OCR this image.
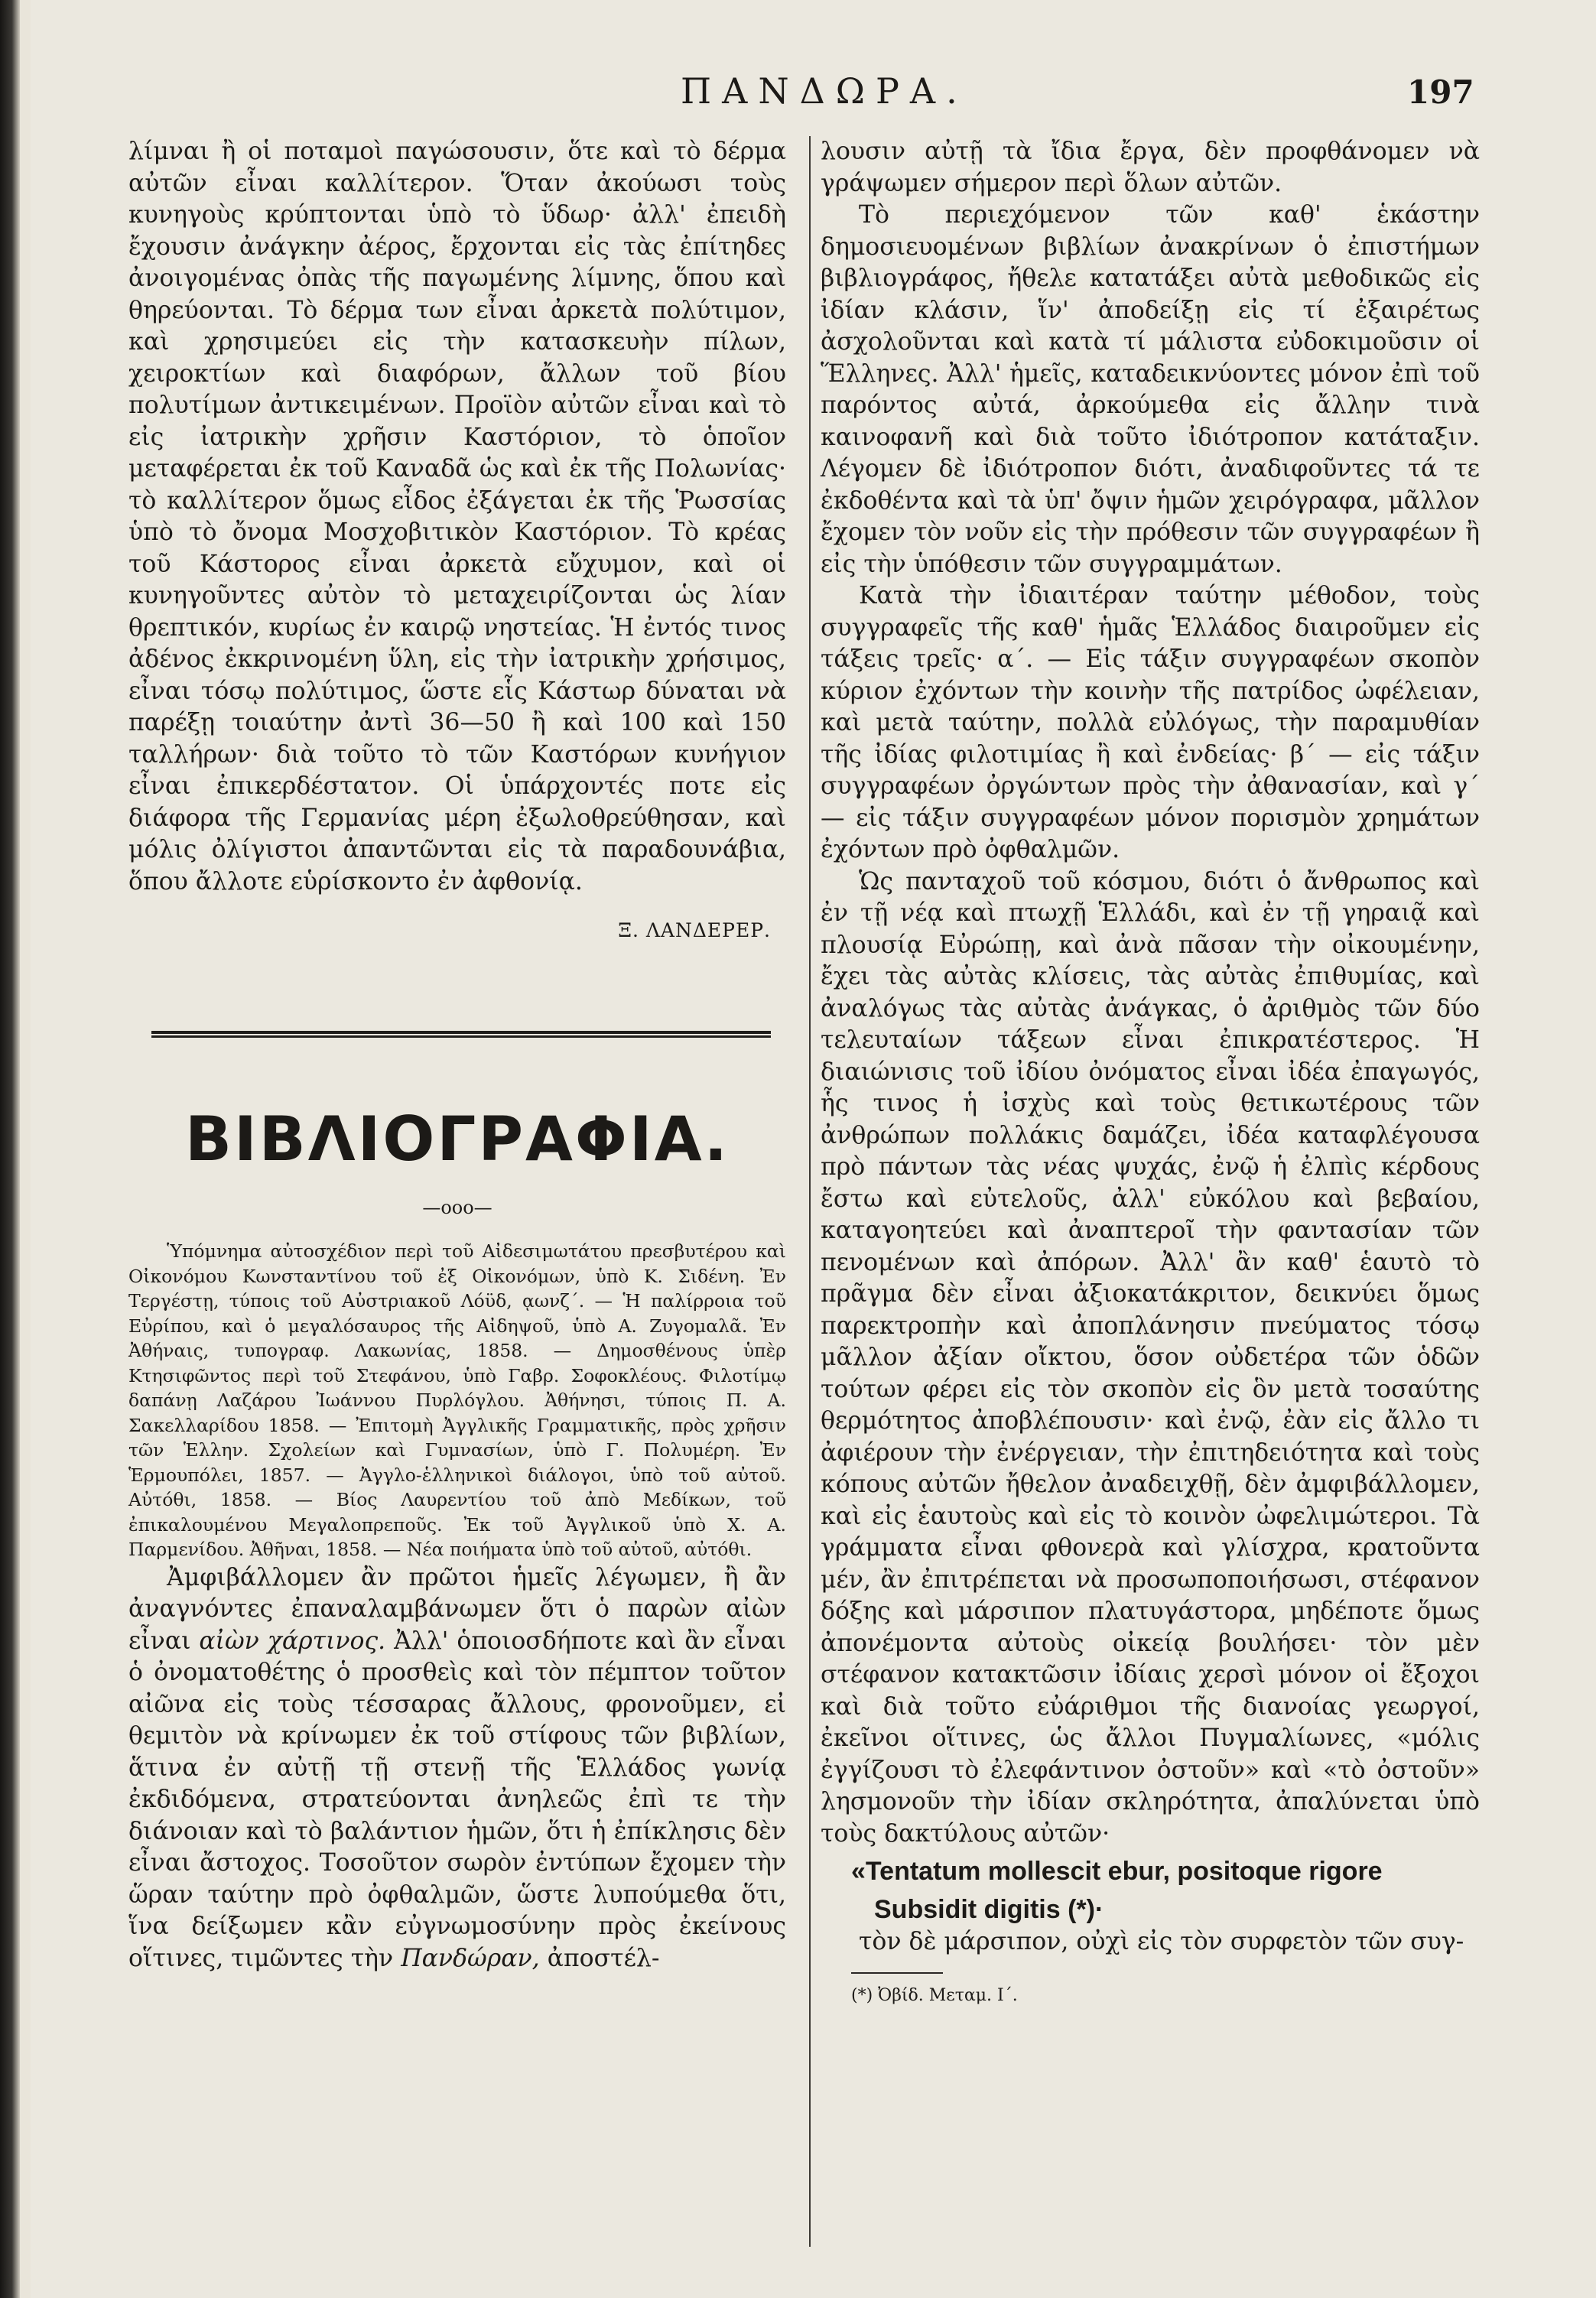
ΠΑΝΔΩΡΑ.	197

λίμναι ἢ οἱ ποταμοὶ παγώσουσιν, ὅτε καὶ τὸ δέρμα αὐτῶν εἶναι καλλίτερον. Ὅταν ἀκούωσι τοὺς κυνηγοὺς κρύπτονται ὑπὸ τὸ ὕδωρ· ἀλλ' ἐπειδὴ ἔχουσιν ἀνάγκην ἀέρος, ἔρχονται εἰς τὰς ἐπίτηδες ἀνοιγομένας ὀπὰς τῆς παγωμένης λίμνης, ὅπου καὶ θηρεύονται. Τὸ δέρμα των εἶναι ἀρκετὰ πολύτιμον, καὶ χρησιμεύει εἰς τὴν κατασκευὴν πίλων, χειροκτίων καὶ διαφόρων, ἄλλων τοῦ βίου πολυτίμων ἀντικειμένων. Προϊὸν αὐτῶν εἶναι καὶ τὸ εἰς ἰατρικὴν χρῆσιν Καστόριον, τὸ ὁποῖον μεταφέρεται ἐκ τοῦ Καναδᾶ ὡς καὶ ἐκ τῆς Πολωνίας· τὸ καλλίτερον ὅμως εἶδος ἐξάγεται ἐκ τῆς Ῥωσσίας ὑπὸ τὸ ὄνομα Μοσχοβιτικὸν Καστόριον. Τὸ κρέας τοῦ Κάστορος εἶναι ἀρκετὰ εὔχυμον, καὶ οἱ κυνηγοῦντες αὐτὸν τὸ μεταχειρίζονται ὡς λίαν θρεπτικόν, κυρίως ἐν καιρῷ νηστείας. Ἡ ἐντός τινος ἀδένος ἐκκρινομένη ὕλη, εἰς τὴν ἰατρικὴν χρήσιμος, εἶναι τόσῳ πολύτιμος, ὥστε εἷς Κάστωρ δύναται νὰ παρέξῃ τοιαύτην ἀντὶ 36—50 ἢ καὶ 100 καὶ 150 ταλλήρων· διὰ τοῦτο τὸ τῶν Καστόρων κυνήγιον εἶναι ἐπικερδέστατον. Οἱ ὑπάρχοντές ποτε εἰς διάφορα τῆς Γερμανίας μέρη ἐξωλοθρεύθησαν, καὶ μόλις ὀλίγιστοι ἀπαντῶνται εἰς τὰ παραδουνάβια, ὅπου ἄλλοτε εὑρίσκοντο ἐν ἀφθονίᾳ.

Ξ. ΛΑΝΔΕΡΕΡ.
ΒΙΒΛΙΟΓΡΑΦΙΑ.
—οοο—

Ὑπόμνημα αὐτοσχέδιον περὶ τοῦ Αἰδεσιμωτάτου πρεσβυτέρου καὶ Οἰκονόμου Κωνσταντίνου τοῦ ἐξ Οἰκονόμων, ὑπὸ Κ. Σιδένη. Ἐν Τεργέστῃ, τύποις τοῦ Αὐστριακοῦ Λόϋδ, ᾳωνζ΄. — Ἡ παλίρροια τοῦ Εὐρίπου, καὶ ὁ μεγαλόσαυρος τῆς Αἰδηψοῦ, ὑπὸ Α. Ζυγομαλᾶ. Ἐν Ἀθήναις, τυπογραφ. Λακωνίας, 1858. — Δημοσθένους ὑπὲρ Κτησιφῶντος περὶ τοῦ Στεφάνου, ὑπὸ Γαβρ. Σοφοκλέους. Φιλοτίμῳ δαπάνῃ Λαζάρου Ἰωάννου Πυρλόγλου. Ἀθήνησι, τύποις Π. Α. Σακελλαρίδου 1858. — Ἐπιτομὴ Ἀγγλικῆς Γραμματικῆς, πρὸς χρῆσιν τῶν Ἑλλην. Σχολείων καὶ Γυμνασίων, ὑπὸ Γ. Πολυμέρη. Ἐν Ἑρμουπόλει, 1857. — Ἀγγλο-ἑλληνικοὶ διάλογοι, ὑπὸ τοῦ αὐτοῦ. Αὐτόθι, 1858. — Βίος Λαυρεντίου τοῦ ἀπὸ Μεδίκων, τοῦ ἐπικαλουμένου Μεγαλοπρεποῦς. Ἐκ τοῦ Ἀγγλικοῦ ὑπὸ Χ. Α. Παρμενίδου. Ἀθῆναι, 1858. — Νέα ποιήματα ὑπὸ τοῦ αὐτοῦ, αὐτόθι.

Ἀμφιβάλλομεν ἂν πρῶτοι ἡμεῖς λέγωμεν, ἢ ἂν ἀναγνόντες ἐπαναλαμβάνωμεν ὅτι ὁ παρὼν αἰὼν εἶναι αἰὼν χάρτινος. Ἀλλ' ὁποιοσδήποτε καὶ ἂν εἶναι ὁ ὀνοματοθέτης ὁ προσθεὶς καὶ τὸν πέμπτον τοῦτον αἰῶνα εἰς τοὺς τέσσαρας ἄλλους, φρονοῦμεν, εἰ θεμιτὸν νὰ κρίνωμεν ἐκ τοῦ στίφους τῶν βιβλίων, ἅτινα ἐν αὐτῇ τῇ στενῇ τῆς Ἑλλάδος γωνίᾳ ἐκδιδόμενα, στρατεύονται ἀνηλεῶς ἐπὶ τε τὴν διάνοιαν καὶ τὸ βαλάντιον ἡμῶν, ὅτι ἡ ἐπίκλησις δὲν εἶναι ἄστοχος. Τοσοῦτον σωρὸν ἐντύπων ἔχομεν τὴν ὥραν ταύτην πρὸ ὀφθαλμῶν, ὥστε λυπούμεθα ὅτι, ἵνα δείξωμεν κἂν εὐγνωμοσύνην πρὸς ἐκείνους οἵτινες, τιμῶντες τὴν Πανδώραν, ἀποστέλ-

λουσιν αὐτῇ τὰ ἴδια ἔργα, δὲν προφθάνομεν νὰ γράψωμεν σήμερον περὶ ὅλων αὐτῶν.

Τὸ περιεχόμενον τῶν καθ' ἑκάστην δημοσιευομένων βιβλίων ἀνακρίνων ὁ ἐπιστήμων βιβλιογράφος, ἤθελε κατατάξει αὐτὰ μεθοδικῶς εἰς ἰδίαν κλάσιν, ἵν' ἀποδείξῃ εἰς τί ἐξαιρέτως ἀσχολοῦνται καὶ κατὰ τί μάλιστα εὐδοκιμοῦσιν οἱ Ἕλληνες. Ἀλλ' ἡμεῖς, καταδεικνύοντες μόνον ἐπὶ τοῦ παρόντος αὐτά, ἀρκούμεθα εἰς ἄλλην τινὰ καινοφανῆ καὶ διὰ τοῦτο ἰδιότροπον κατάταξιν. Λέγομεν δὲ ἰδιότροπον διότι, ἀναδιφοῦντες τά τε ἐκδοθέντα καὶ τὰ ὑπ' ὄψιν ἡμῶν χειρόγραφα, μᾶλλον ἔχομεν τὸν νοῦν εἰς τὴν πρόθεσιν τῶν συγγραφέων ἢ εἰς τὴν ὑπόθεσιν τῶν συγγραμμάτων.

Κατὰ τὴν ἰδιαιτέραν ταύτην μέθοδον, τοὺς συγγραφεῖς τῆς καθ' ἡμᾶς Ἑλλάδος διαιροῦμεν εἰς τάξεις τρεῖς· α΄. — Εἰς τάξιν συγγραφέων σκοπὸν κύριον ἐχόντων τὴν κοινὴν τῆς πατρίδος ὠφέλειαν, καὶ μετὰ ταύτην, πολλὰ εὐλόγως, τὴν παραμυθίαν τῆς ἰδίας φιλοτιμίας ἢ καὶ ἐνδείας· β΄ — εἰς τάξιν συγγραφέων ὀργώντων πρὸς τὴν ἀθανασίαν, καὶ γ΄ — εἰς τάξιν συγγραφέων μόνον πορισμὸν χρημάτων ἐχόντων πρὸ ὀφθαλμῶν.

Ὡς πανταχοῦ τοῦ κόσμου, διότι ὁ ἄνθρωπος καὶ ἐν τῇ νέᾳ καὶ πτωχῇ Ἑλλάδι, καὶ ἐν τῇ γηραιᾷ καὶ πλουσίᾳ Εὐρώπῃ, καὶ ἀνὰ πᾶσαν τὴν οἰκουμένην, ἔχει τὰς αὐτὰς κλίσεις, τὰς αὐτὰς ἐπιθυμίας, καὶ ἀναλόγως τὰς αὐτὰς ἀνάγκας, ὁ ἀριθμὸς τῶν δύο τελευταίων τάξεων εἶναι ἐπικρατέστερος. Ἡ διαιώνισις τοῦ ἰδίου ὀνόματος εἶναι ἰδέα ἐπαγωγός, ἧς τινος ἡ ἰσχὺς καὶ τοὺς θετικωτέρους τῶν ἀνθρώπων πολλάκις δαμάζει, ἰδέα καταφλέγουσα πρὸ πάντων τὰς νέας ψυχάς, ἐνῷ ἡ ἐλπὶς κέρδους ἔστω καὶ εὐτελοῦς, ἀλλ' εὐκόλου καὶ βεβαίου, καταγοητεύει καὶ ἀναπτεροῖ τὴν φαντασίαν τῶν πενομένων καὶ ἀπόρων. Ἀλλ' ἂν καθ' ἑαυτὸ τὸ πρᾶγμα δὲν εἶναι ἀξιοκατάκριτον, δεικνύει ὅμως παρεκτροπὴν καὶ ἀποπλάνησιν πνεύματος τόσῳ μᾶλλον ἀξίαν οἴκτου, ὅσον οὐδετέρα τῶν ὁδῶν τούτων φέρει εἰς τὸν σκοπὸν εἰς ὃν μετὰ τοσαύτης θερμότητος ἀποβλέπουσιν· καὶ ἐνῷ, ἐὰν εἰς ἄλλο τι ἀφιέρουν τὴν ἐνέργειαν, τὴν ἐπιτηδειότητα καὶ τοὺς κόπους αὐτῶν ἤθελον ἀναδειχθῇ, δὲν ἀμφιβάλλομεν, καὶ εἰς ἑαυτοὺς καὶ εἰς τὸ κοινὸν ὠφελιμώτεροι. Τὰ γράμματα εἶναι φθονερὰ καὶ γλίσχρα, κρατοῦντα μέν, ἂν ἐπιτρέπεται νὰ προσωποποιήσωσι, στέφανον δόξης καὶ μάρσιπον πλατυγάστορα, μηδέποτε ὅμως ἀπονέμοντα αὐτοὺς οἰκείᾳ βουλήσει· τὸν μὲν στέφανον κατακτῶσιν ἰδίαις χερσὶ μόνον οἱ ἔξοχοι καὶ διὰ τοῦτο εὐάριθμοι τῆς διανοίας γεωργοί, ἐκεῖνοι οἵτινες, ὡς ἄλλοι Πυγμαλίωνες, «μόλις ἐγγίζουσι τὸ ἐλεφάντινον ὀστοῦν» καὶ «τὸ ὀστοῦν» λησμονοῦν τὴν ἰδίαν σκληρότητα, ἀπαλύνεται ὑπὸ τοὺς δακτύλους αὐτῶν·

«Tentatum mollescit ebur, positoque rigore
Subsidit digitis (*)·

τὸν δὲ μάρσιπον, οὐχὶ εἰς τὸν συρφετὸν τῶν συγ-

(*) Ὀβίδ. Μεταμ. Ι΄.
